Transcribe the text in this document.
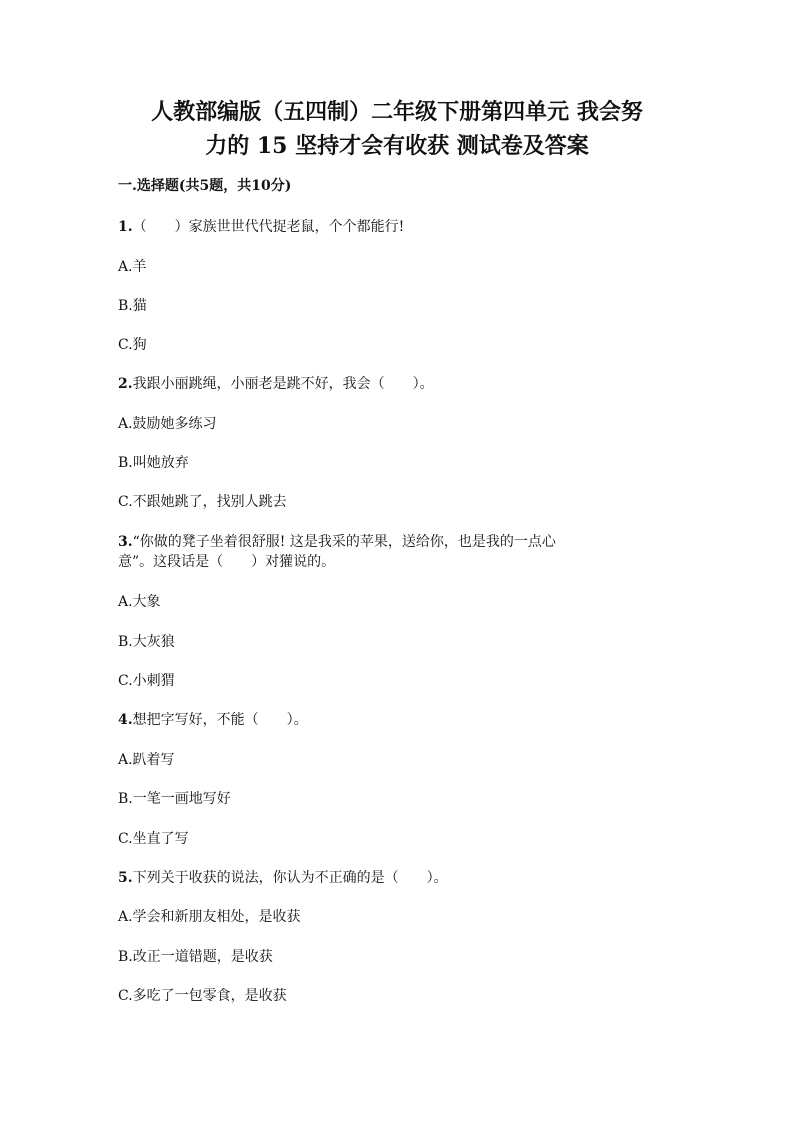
人教部编版（五四制）二年级下册第四单元 我会努
力的 15 坚持才会有收获 测试卷及答案

一.选择题(共5题，共10分)

1.（　　）家族世世代代捉老鼠，个个都能行!

A.羊

B.猫

C.狗

2.我跟小丽跳绳，小丽老是跳不好，我会（　　）。

A.鼓励她多练习

B.叫她放弃

C.不跟她跳了，找别人跳去

3.“你做的凳子坐着很舒服! 这是我采的苹果，送给你，也是我的一点心

意”。这段话是（　　）对獾说的。

A.大象

B.大灰狼

C.小刺猬

4.想把字写好，不能（　　）。

A.趴着写

B.一笔一画地写好

C.坐直了写

5.下列关于收获的说法，你认为不正确的是（　　）。

A.学会和新朋友相处，是收获

B.改正一道错题，是收获

C.多吃了一包零食，是收获
